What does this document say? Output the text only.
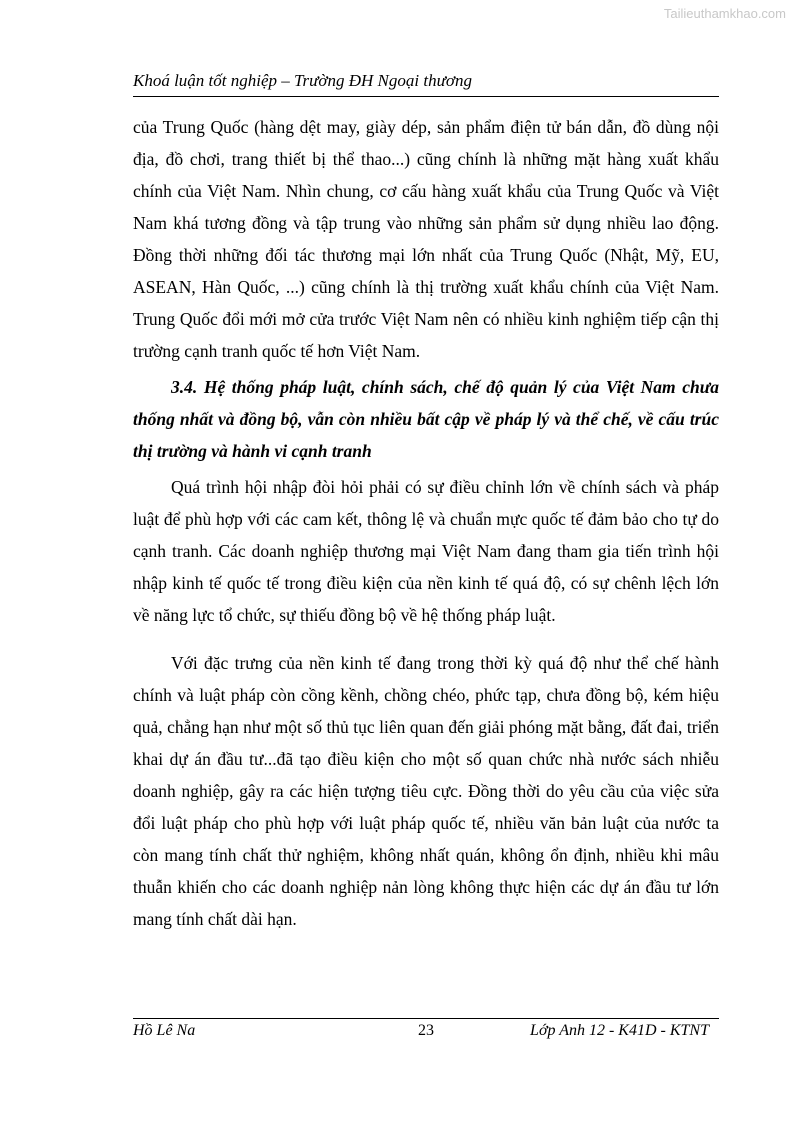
Tailieuthamkhao.com
Khoá luận tốt nghiệp – Trường ĐH Ngoại thương

của Trung Quốc (hàng dệt may, giày dép, sản phẩm điện tử bán dẫn, đồ dùng nội địa, đồ chơi, trang thiết bị thể thao...) cũng chính là những mặt hàng xuất khẩu chính của Việt Nam. Nhìn chung, cơ cấu hàng xuất khẩu của Trung Quốc và Việt Nam khá tương đồng và tập trung vào những sản phẩm sử dụng nhiều lao động. Đồng thời những đối tác thương mại lớn nhất của Trung Quốc (Nhật, Mỹ, EU, ASEAN, Hàn Quốc, ...) cũng chính là thị trường xuất khẩu chính của Việt Nam. Trung Quốc đổi mới mở cửa trước Việt Nam nên có nhiều kinh nghiệm tiếp cận thị trường cạnh tranh quốc tế hơn Việt Nam.

3.4. Hệ thống pháp luật, chính sách, chế độ quản lý của Việt Nam chưa thống nhất và đồng bộ, vẫn còn nhiều bất cập về pháp lý và thể chế, về cấu trúc thị trường và hành vi cạnh tranh

Quá trình hội nhập đòi hỏi phải có sự điều chỉnh lớn về chính sách và pháp luật để phù hợp với các cam kết, thông lệ và chuẩn mực quốc tế đảm bảo cho tự do cạnh tranh. Các doanh nghiệp thương mại Việt Nam đang tham gia tiến trình hội nhập kinh tế quốc tế trong điều kiện của nền kinh tế quá độ, có sự chênh lệch lớn về năng lực tổ chức, sự thiếu đồng bộ về hệ thống pháp luật.

Với đặc trưng của nền kinh tế đang trong thời kỳ quá độ như thể chế hành chính và luật pháp còn cồng kềnh, chồng chéo, phức tạp, chưa đồng bộ, kém hiệu quả, chẳng hạn như một số thủ tục liên quan đến giải phóng mặt bằng, đất đai, triển khai dự án đầu tư...đã tạo điều kiện cho một số quan chức nhà nước sách nhiễu doanh nghiệp, gây ra các hiện tượng tiêu cực. Đồng thời do yêu cầu của việc sửa đổi luật pháp cho phù hợp với luật pháp quốc tế, nhiều văn bản luật của nước ta còn mang tính chất thử nghiệm, không nhất quán, không ổn định, nhiều khi mâu thuẫn khiến cho các doanh nghiệp nản lòng không thực hiện các dự án đầu tư lớn mang tính chất dài hạn.

Hồ Lê Na	23	Lớp Anh 12 - K41D - KTNT
